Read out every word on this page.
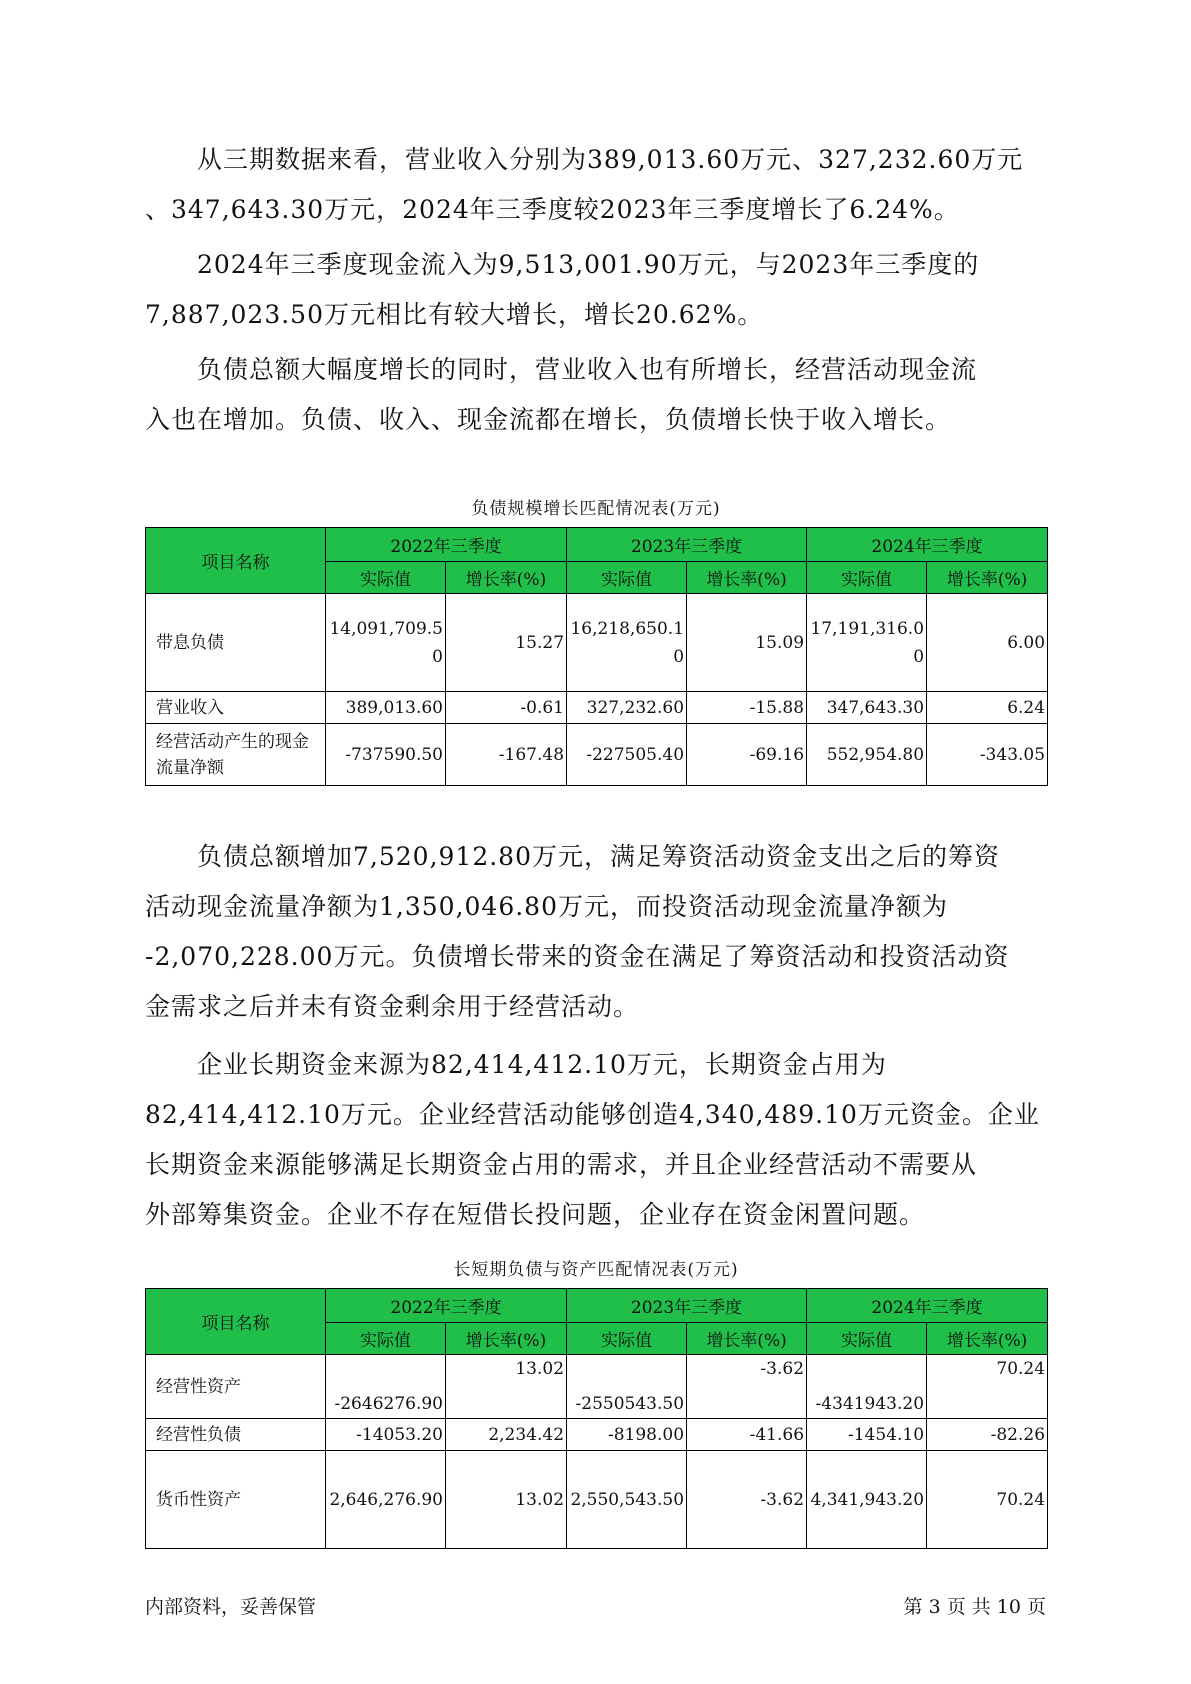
从三期数据来看，营业收入分别为389,013.60万元、327,232.60万元
、347,643.30万元，2024年三季度较2023年三季度增长了6.24%。

2024年三季度现金流入为9,513,001.90万元，与2023年三季度的
7,887,023.50万元相比有较大增长，增长20.62%。

负债总额大幅度增长的同时，营业收入也有所增长，经营活动现金流
入也在增加。负债、收入、现金流都在增长，负债增长快于收入增长。

负债规模增长匹配情况表(万元)
项目名称	2022年三季度		2023年三季度		2024年三季度	
	实际值	增长率(%)	实际值	增长率(%)	实际值	增长率(%)
带息负债	14,091,709.50	15.27	16,218,650.10	15.09	17,191,316.00	6.00
营业收入	389,013.60	-0.61	327,232.60	-15.88	347,643.30	6.24
经营活动产生的现金流量净额	-737590.50	-167.48	-227505.40	-69.16	552,954.80	-343.05

负债总额增加7,520,912.80万元，满足筹资活动资金支出之后的筹资
活动现金流量净额为1,350,046.80万元，而投资活动现金流量净额为
-2,070,228.00万元。负债增长带来的资金在满足了筹资活动和投资活动资
金需求之后并未有资金剩余用于经营活动。

企业长期资金来源为82,414,412.10万元，长期资金占用为
82,414,412.10万元。企业经营活动能够创造4,340,489.10万元资金。企业
长期资金来源能够满足长期资金占用的需求，并且企业经营活动不需要从
外部筹集资金。企业不存在短借长投问题，企业存在资金闲置问题。

长短期负债与资产匹配情况表(万元)
项目名称	2022年三季度		2023年三季度		2024年三季度	
	实际值	增长率(%)	实际值	增长率(%)	实际值	增长率(%)
经营性资产	-2646276.90	13.02	-2550543.50	-3.62	-4341943.20	70.24
经营性负债	-14053.20	2,234.42	-8198.00	-41.66	-1454.10	-82.26
货币性资产	2,646,276.90	13.02	2,550,543.50	-3.62	4,341,943.20	70.24
内部资料，妥善保管	第 3 页 共 10 页
